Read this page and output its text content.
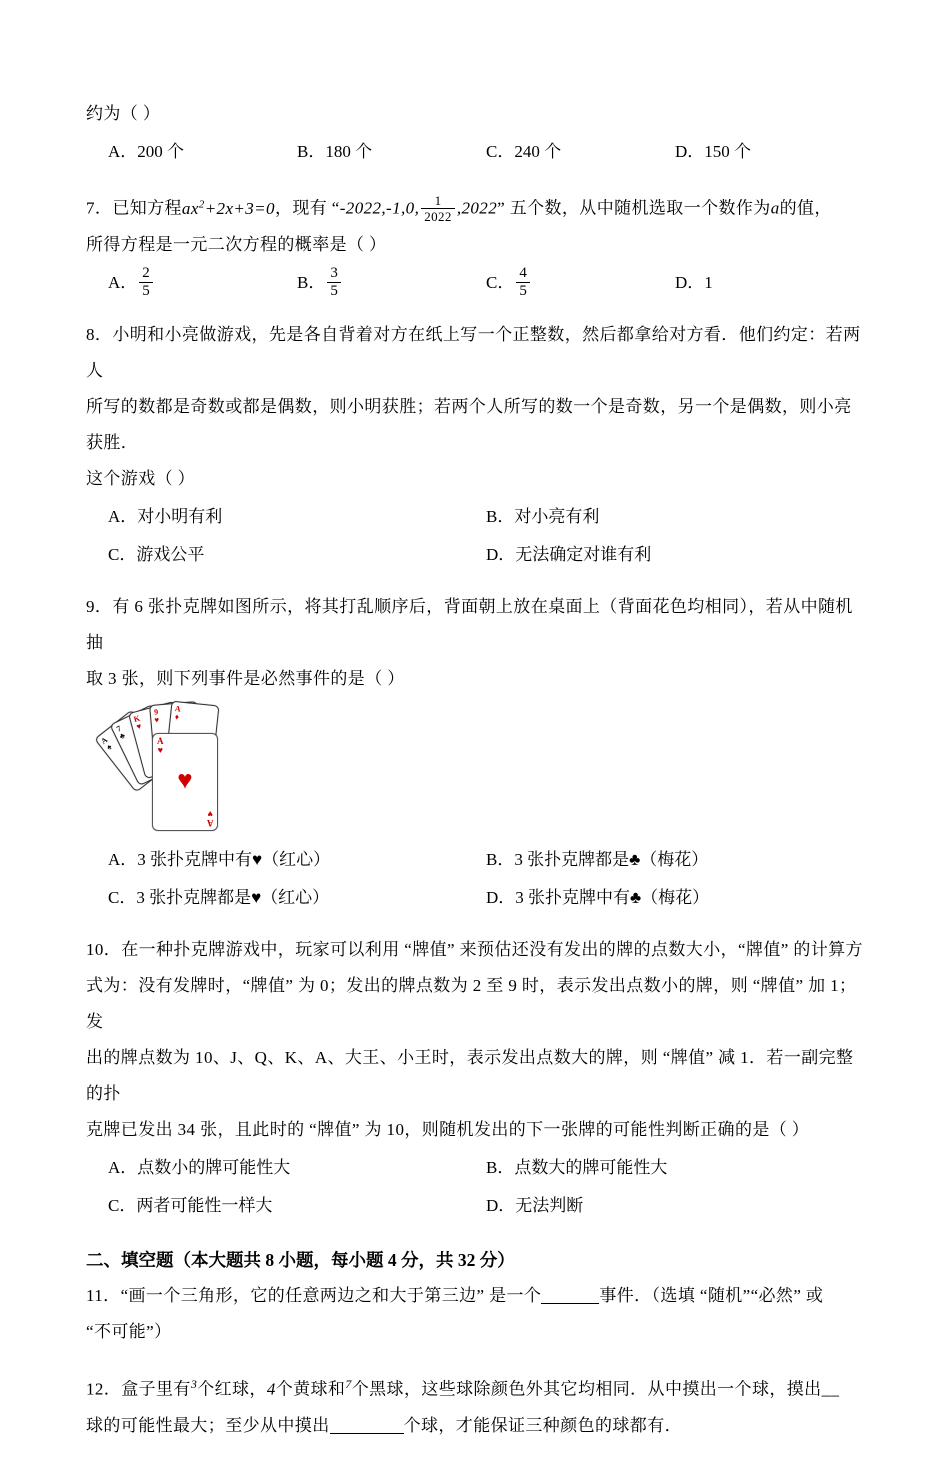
约为（ ）
A．200 个	B．180 个	C．240 个	D．150 个
7．已知方程$ax^2+2x+3=0$，现有 “-2022,-1,0, $\frac{1}{2022} ,2022$” 五个数，从中随机选取一个数作为a的值，
所得方程是一元二次方程的概率是（ ）
A． $\frac{2}{5}$	B． $\frac{3}{5}$	C． $\frac{4}{5}$	D．1
8．小明和小亮做游戏，先是各自背着对方在纸上写一个正整数，然后都拿给对方看．他们约定：若两人
所写的数都是奇数或都是偶数，则小明获胜；若两个人所写的数一个是奇数，另一个是偶数，则小亮获胜．
这个游戏（ ）
A．对小明有利	B．对小亮有利
C．游戏公平	D．无法确定对谁有利
9．有 6 张扑克牌如图所示，将其打乱顺序后，背面朝上放在桌面上（背面花色均相同），若从中随机抽
取 3 张，则下列事件是必然事件的是（ ）
A
♠
7
♣
K
♥
9
♥
A
♦
A
♥
♥
A
♥
A．3 张扑克牌中有♥（红心）	B．3 张扑克牌都是♣（梅花）
C．3 张扑克牌都是♥（红心）	D．3 张扑克牌中有♣（梅花）
10．在一种扑克牌游戏中，玩家可以利用 “牌值” 来预估还没有发出的牌的点数大小，“牌值” 的计算方
式为：没有发牌时，“牌值” 为 0；发出的牌点数为 2 至 9 时，表示发出点数小的牌，则 “牌值” 加 1；发
出的牌点数为 10、J、Q、K、A、大王、小王时，表示发出点数大的牌，则 “牌值” 减 1．若一副完整的扑
克牌已发出 34 张，且此时的 “牌值” 为 10，则随机发出的下一张牌的可能性判断正确的是（ ）
A．点数小的牌可能性大	B．点数大的牌可能性大
C．两者可能性一样大	D．无法判断
二、填空题（本大题共 8 小题，每小题 4 分，共 32 分）
11．“画一个三角形，它的任意两边之和大于第三边” 是一个	事件．（选填 “随机”“必然” 或
“不可能”）
12．盒子里有$^3$个红球，4个黄球和$^7$个黑球，这些球除颜色外其它均相同．从中摸出一个球，摸出__
球的可能性最大；至少从中摸出	个球，才能保证三种颜色的球都有．
